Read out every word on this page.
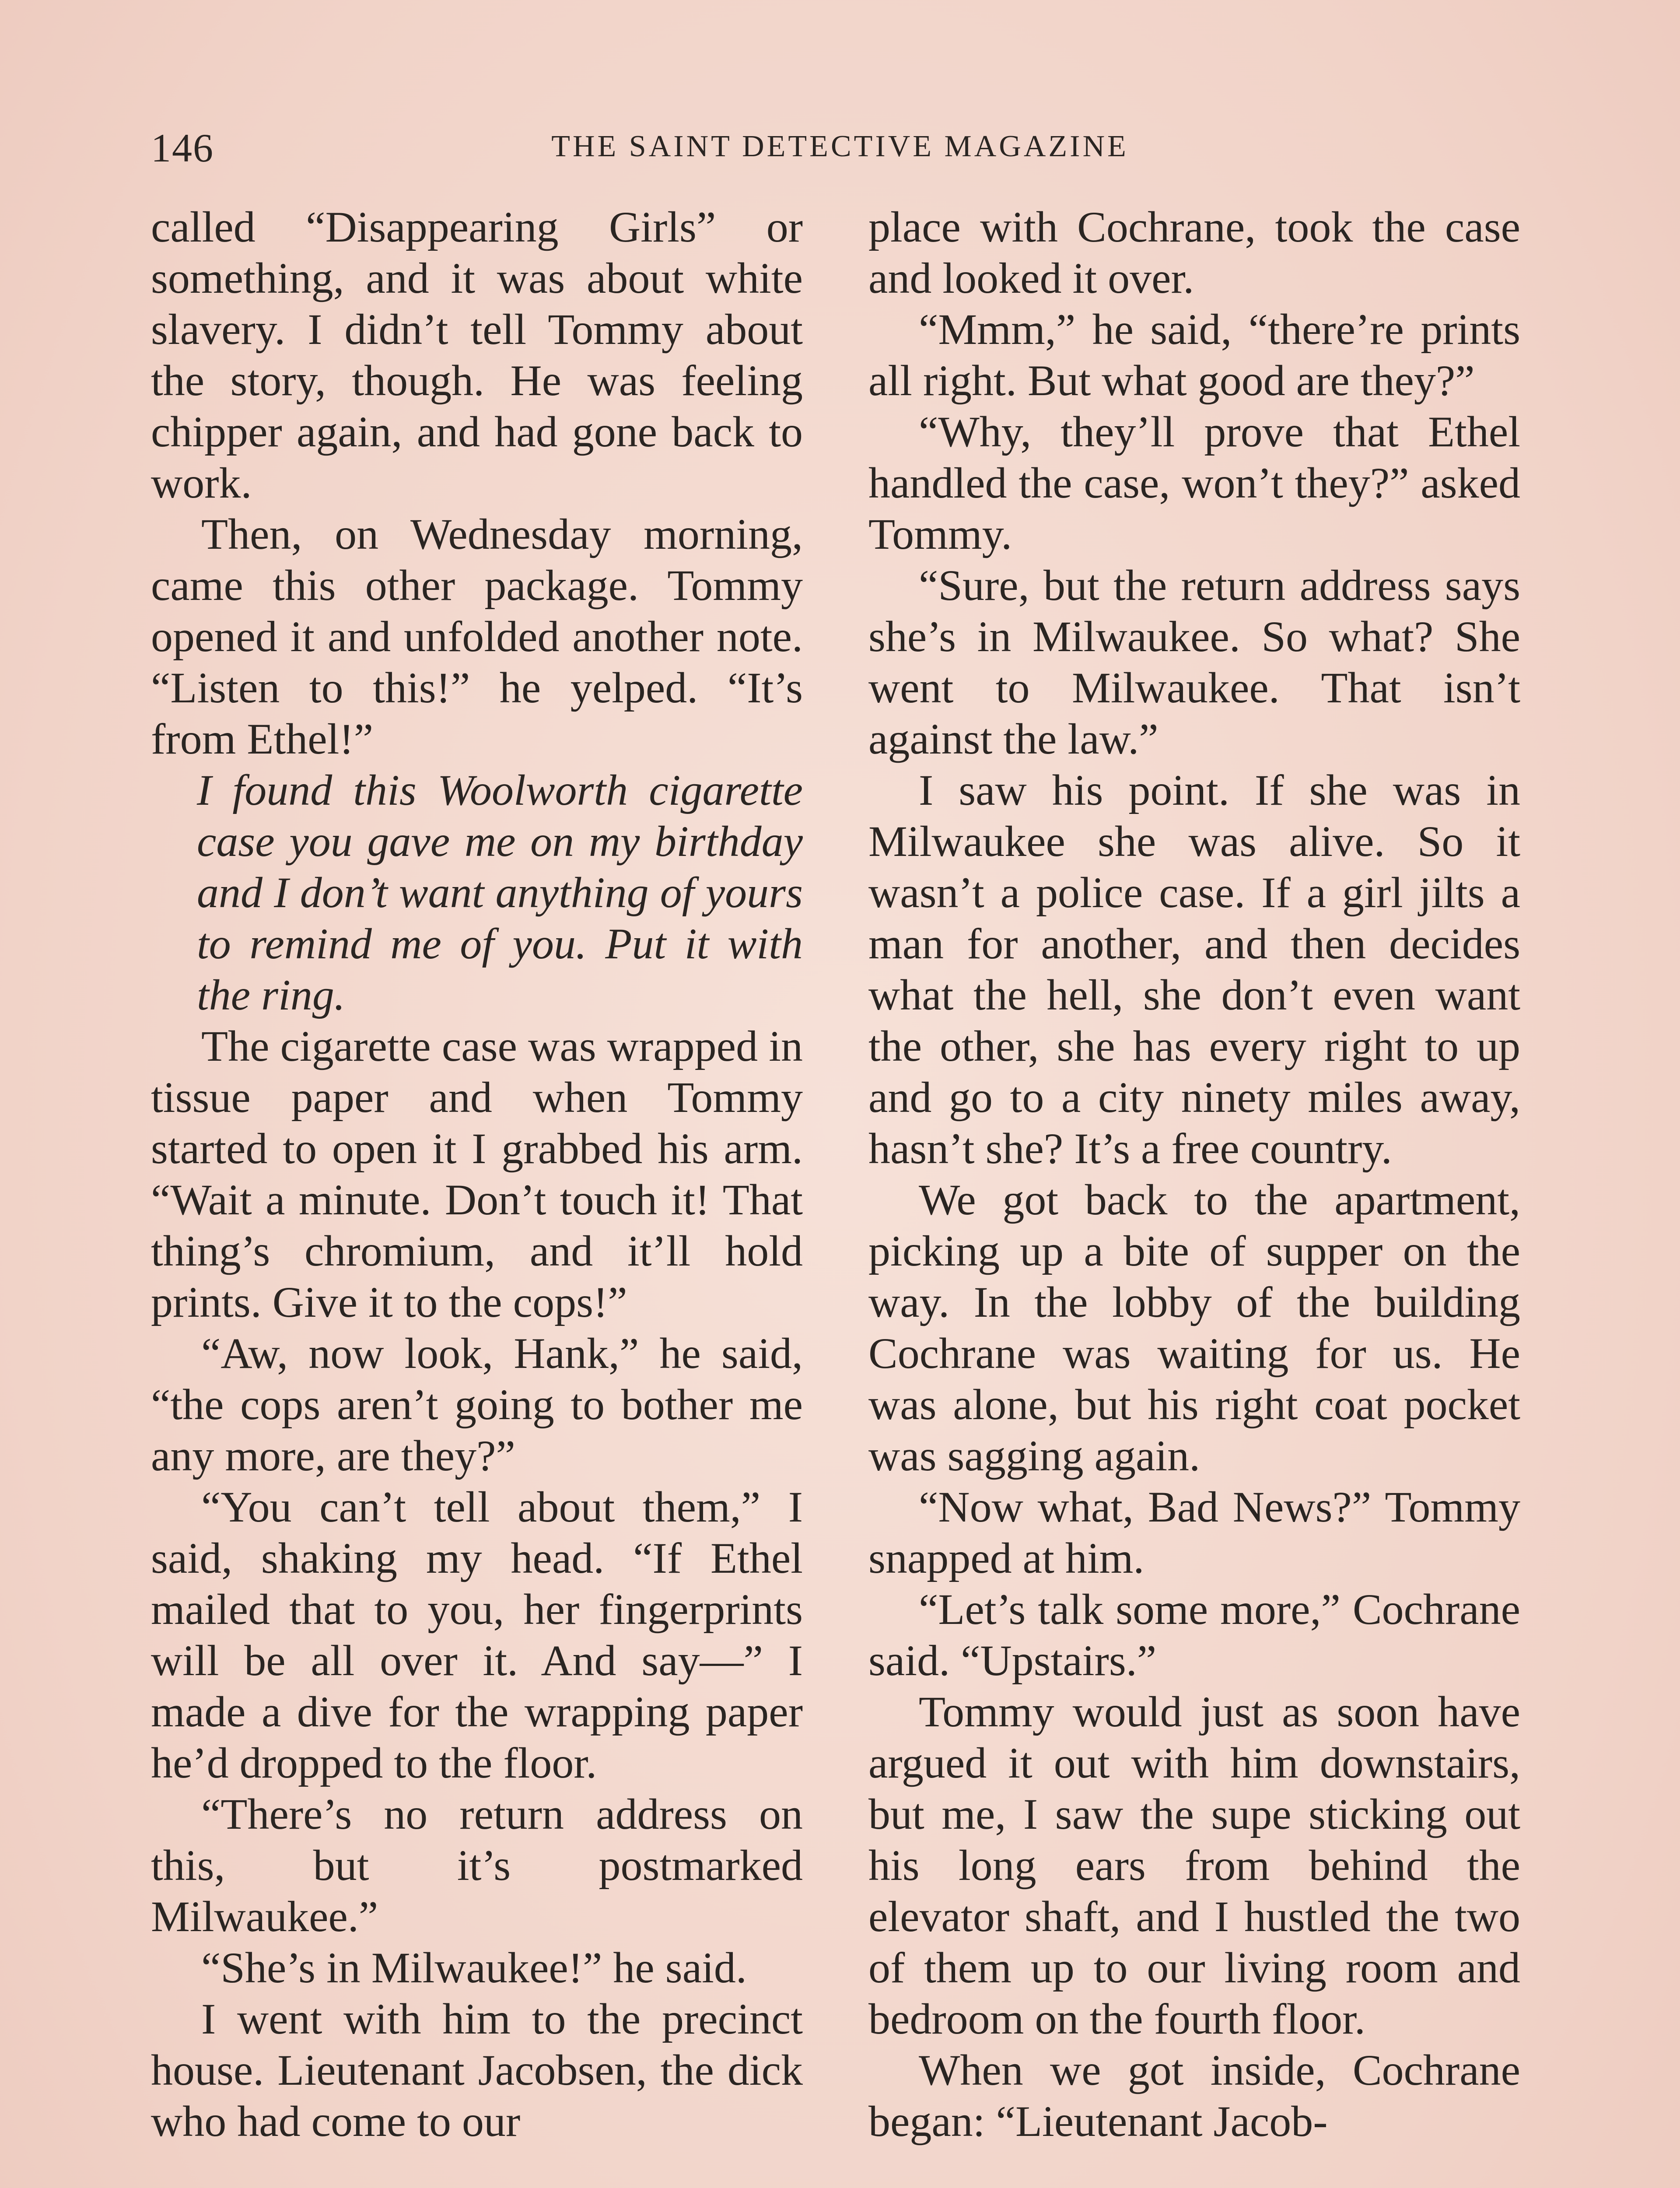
146	THE SAINT DETECTIVE MAGAZINE

called “Disappearing Girls” or something, and it was about white slavery. I didn’t tell Tommy about the story, though. He was feeling chipper again, and had gone back to work.

Then, on Wednesday morning, came this other package. Tommy opened it and unfolded another note. “Listen to this!” he yelped. “It’s from Ethel!”

I found this Woolworth cigarette case you gave me on my birthday and I don’t want anything of yours to remind me of you. Put it with the ring.

The cigarette case was wrapped in tissue paper and when Tommy started to open it I grabbed his arm. “Wait a minute. Don’t touch it! That thing’s chromium, and it’ll hold prints. Give it to the cops!”

“Aw, now look, Hank,” he said, “the cops aren’t going to bother me any more, are they?”

“You can’t tell about them,” I said, shaking my head. “If Ethel mailed that to you, her fingerprints will be all over it. And say—” I made a dive for the wrapping paper he’d dropped to the floor.

“There’s no return address on this, but it’s postmarked Milwaukee.”

“She’s in Milwaukee!” he said.

I went with him to the precinct house. Lieutenant Jacobsen, the dick who had come to our

place with Cochrane, took the case and looked it over.

“Mmm,” he said, “there’re prints all right. But what good are they?”

“Why, they’ll prove that Ethel handled the case, won’t they?” asked Tommy.

“Sure, but the return address says she’s in Milwaukee. So what? She went to Milwaukee. That isn’t against the law.”

I saw his point. If she was in Milwaukee she was alive. So it wasn’t a police case. If a girl jilts a man for another, and then decides what the hell, she don’t even want the other, she has every right to up and go to a city ninety miles away, hasn’t she? It’s a free country.

We got back to the apartment, picking up a bite of supper on the way. In the lobby of the building Cochrane was waiting for us. He was alone, but his right coat pocket was sagging again.

“Now what, Bad News?” Tommy snapped at him.

“Let’s talk some more,” Cochrane said. “Upstairs.”

Tommy would just as soon have argued it out with him downstairs, but me, I saw the supe sticking out his long ears from behind the elevator shaft, and I hustled the two of them up to our living room and bedroom on the fourth floor.

When we got inside, Cochrane began: “Lieutenant Jacob-
